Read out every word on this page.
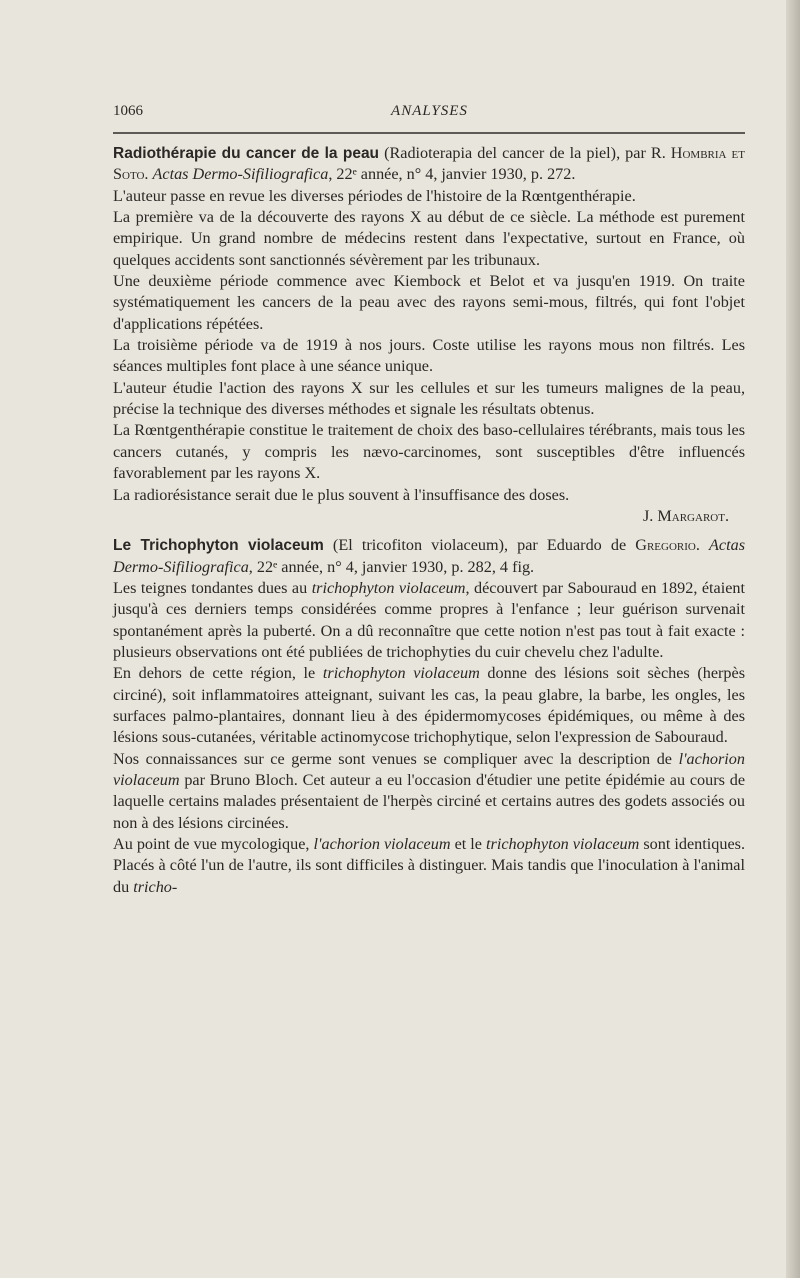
1066	ANALYSES

Radiothérapie du cancer de la peau (Radioterapia del cancer de la piel), par R. Hombria et Soto. Actas Dermo-Sifiliografica, 22ᵉ année, n° 4, janvier 1930, p. 272.

L'auteur passe en revue les diverses périodes de l'histoire de la Rœntgenthérapie.

La première va de la découverte des rayons X au début de ce siècle. La méthode est purement empirique. Un grand nombre de médecins restent dans l'expectative, surtout en France, où quelques accidents sont sanctionnés sévèrement par les tribunaux.

Une deuxième période commence avec Kiembock et Belot et va jusqu'en 1919. On traite systématiquement les cancers de la peau avec des rayons semi-mous, filtrés, qui font l'objet d'applications répétées.

La troisième période va de 1919 à nos jours. Coste utilise les rayons mous non filtrés. Les séances multiples font place à une séance unique.

L'auteur étudie l'action des rayons X sur les cellules et sur les tumeurs malignes de la peau, précise la technique des diverses méthodes et signale les résultats obtenus.

La Rœntgenthérapie constitue le traitement de choix des baso-cellulaires térébrants, mais tous les cancers cutanés, y compris les nævo-carcinomes, sont susceptibles d'être influencés favorablement par les rayons X.

La radiorésistance serait due le plus souvent à l'insuffisance des doses.

J. Margarot.

Le Trichophyton violaceum (El tricofiton violaceum), par Eduardo de Gregorio. Actas Dermo-Sifiliografica, 22ᵉ année, n° 4, janvier 1930, p. 282, 4 fig.

Les teignes tondantes dues au trichophyton violaceum, découvert par Sabouraud en 1892, étaient jusqu'à ces derniers temps considérées comme propres à l'enfance ; leur guérison survenait spontanément après la puberté. On a dû reconnaître que cette notion n'est pas tout à fait exacte : plusieurs observations ont été publiées de trichophyties du cuir chevelu chez l'adulte.

En dehors de cette région, le trichophyton violaceum donne des lésions soit sèches (herpès circiné), soit inflammatoires atteignant, suivant les cas, la peau glabre, la barbe, les ongles, les surfaces palmo-plantaires, donnant lieu à des épidermomycoses épidémiques, ou même à des lésions sous-cutanées, véritable actinomycose trichophytique, selon l'expression de Sabouraud.

Nos connaissances sur ce germe sont venues se compliquer avec la description de l'achorion violaceum par Bruno Bloch. Cet auteur a eu l'occasion d'étudier une petite épidémie au cours de laquelle certains malades présentaient de l'herpès circiné et certains autres des godets associés ou non à des lésions circinées.

Au point de vue mycologique, l'achorion violaceum et le trichophyton violaceum sont identiques. Placés à côté l'un de l'autre, ils sont difficiles à distinguer. Mais tandis que l'inoculation à l'animal du tricho-
